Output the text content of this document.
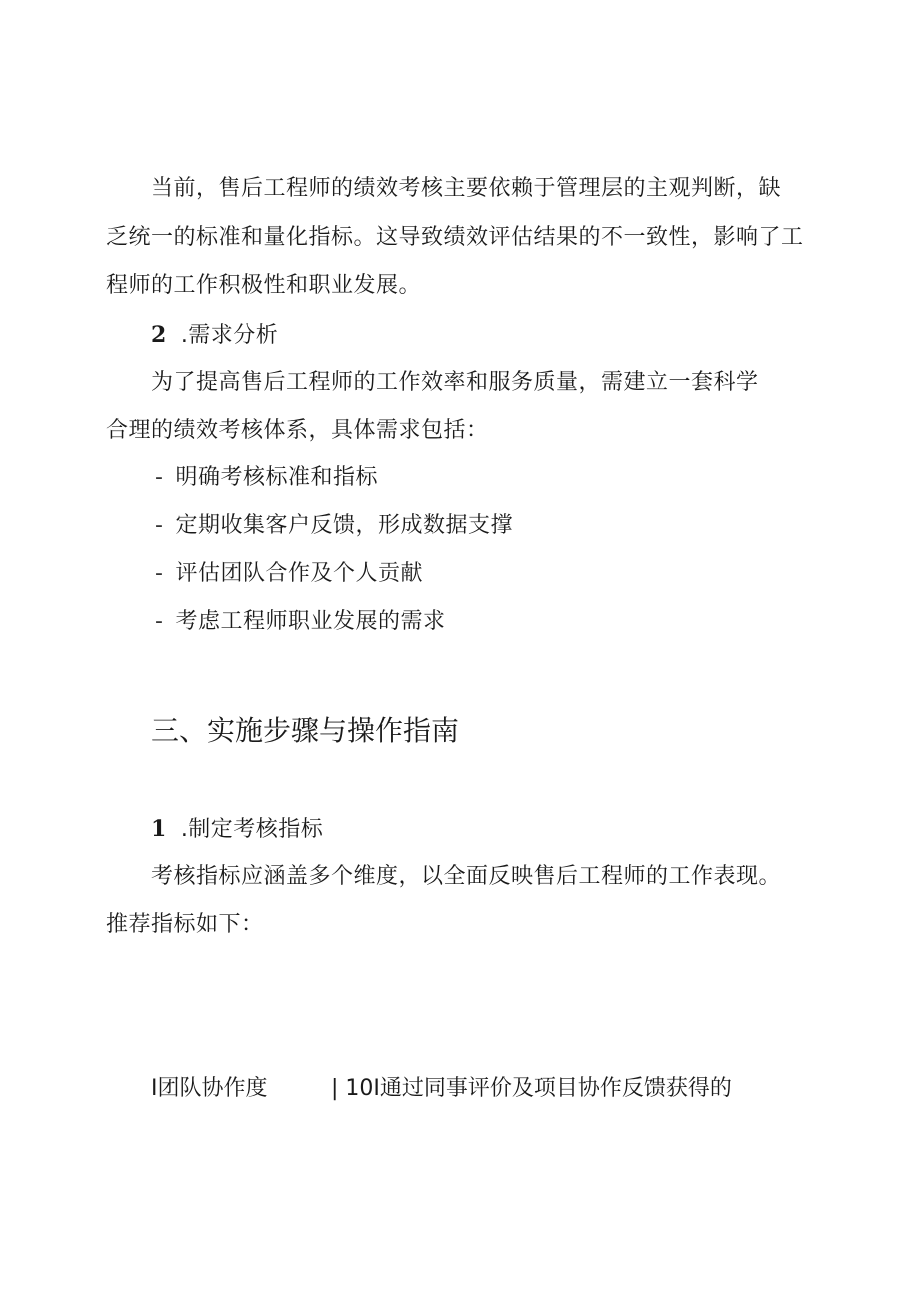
当前，售后工程师的绩效考核主要依赖于管理层的主观判断，缺
乏统一的标准和量化指标。这导致绩效评估结果的不一致性，影响了工
程师的工作积极性和职业发展。
2 .需求分析
为了提高售后工程师的工作效率和服务质量，需建立一套科学
合理的绩效考核体系，具体需求包括：
- 明确考核标准和指标
- 定期收集客户反馈，形成数据支撑
- 评估团队合作及个人贡献
- 考虑工程师职业发展的需求
三、实施步骤与操作指南
1 .制定考核指标
考核指标应涵盖多个维度，以全面反映售后工程师的工作表现。
推荐指标如下：
I团队协作度	| 10I通过同事评价及项目协作反馈获得的
